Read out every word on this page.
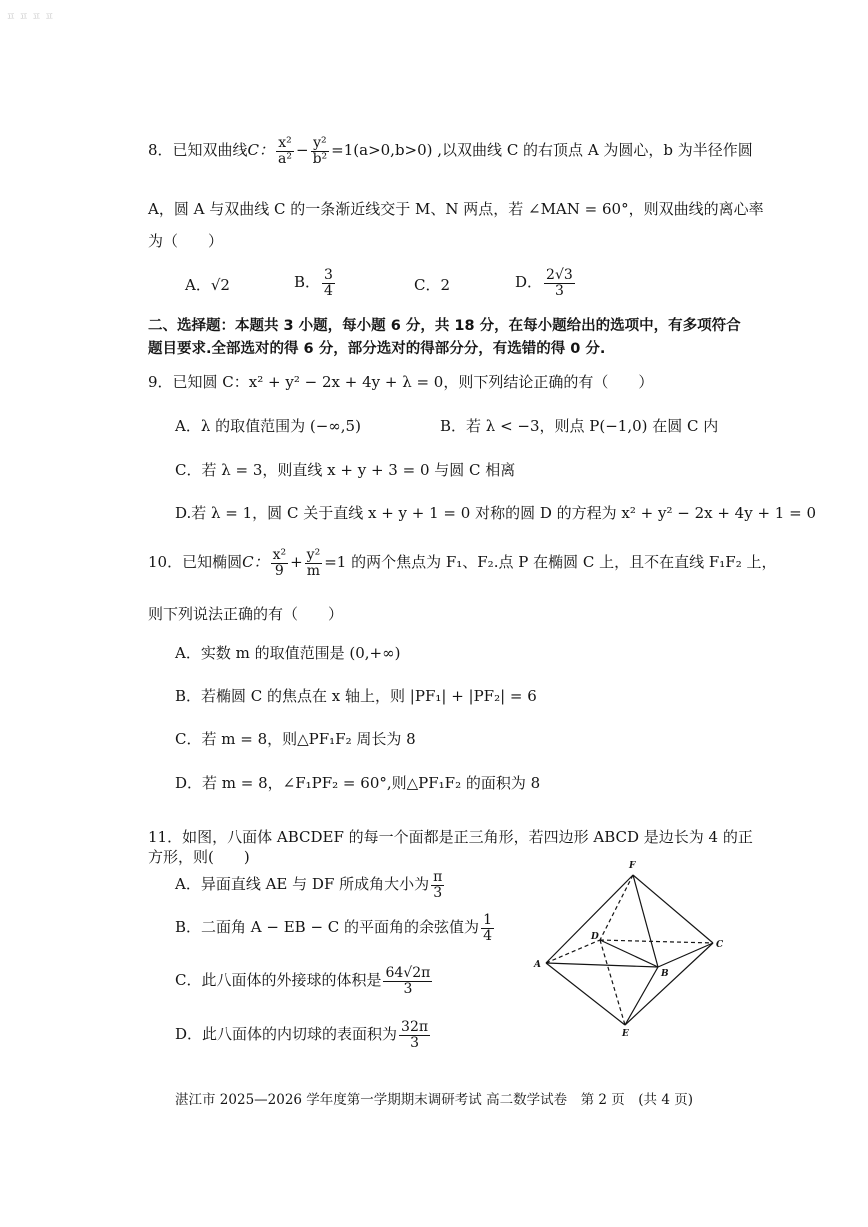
ㅍ ㅍ ㅍ ㅍ
8．已知双曲线C： $\frac{\text{x²}}{\text{a²}} - \frac{\text{y²}}{\text{b²}} =1(a>0,b>0)$ ,以双曲线 C 的右顶点 A 为圆心，b 为半径作圆
A，圆 A 与双曲线 C 的一条渐近线交于 M、N 两点，若 ∠MAN = 60°，则双曲线的离心率
为（　　）
A．√2	B． $\frac{3}{4}$	C．2	D． $\frac{2√3}{3}$
二、选择题：本题共 3 小题，每小题 6 分，共 18 分，在每小题给出的选项中，有多项符合
题目要求.全部选对的得 6 分，部分选对的得部分分，有选错的得 0 分.
9．已知圆 C：x² + y² − 2x + 4y + λ = 0，则下列结论正确的有（　　）
A．λ 的取值范围为 (−∞,5)	B．若 λ < −3，则点 P(−1,0) 在圆 C 内
C．若 λ = 3，则直线 x + y + 3 = 0 与圆 C 相离
D.若 λ = 1，圆 C 关于直线 x + y + 1 = 0 对称的圆 D 的方程为 x² + y² − 2x + 4y + 1 = 0
10．已知椭圆C： $\frac{\text{x²}}{9} + \frac{\text{y²}}{m} =1$ 的两个焦点为 F₁、F₂.点 P 在椭圆 C 上，且不在直线 F₁F₂ 上，
则下列说法正确的有（　　）
A．实数 m 的取值范围是 (0,+∞)
B．若椭圆 C 的焦点在 x 轴上，则 |PF₁| + |PF₂| = 6
C．若 m = 8，则△PF₁F₂ 周长为 8
D．若 m = 8，∠F₁PF₂ = 60°,则△PF₁F₂ 的面积为 8
11．如图，八面体 ABCDEF 的每一个面都是正三角形，若四边形 ABCD 是边长为 4 的正
方形，则(　　)
A．异面直线 AE 与 DF 所成角大小为 $\frac{\pi}{3}$
B．二面角 A − EB − C 的平面角的余弦值为 $\frac{1}{4}$
C．此八面体的外接球的体积是 $\frac{64√2\pi}{3}$
D．此八面体的内切球的表面积为 $\frac{32\pi}{3}$
F
A
B
C
D
E
湛江市 2025—2026 学年度第一学期期末调研考试 高二数学试卷　第 2 页　(共 4 页)
